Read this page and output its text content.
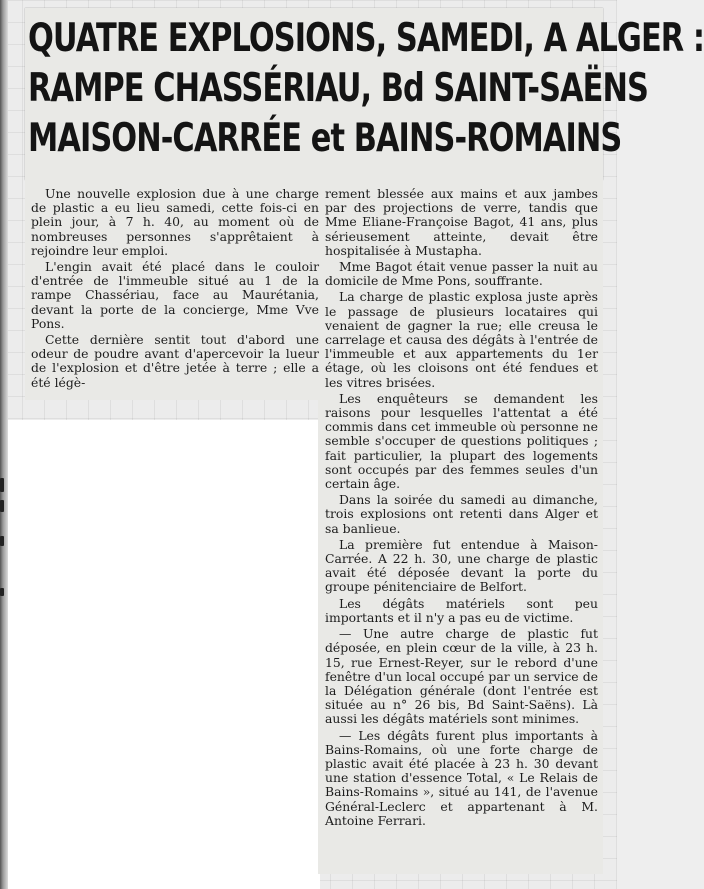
QUATRE EXPLOSIONS, SAMEDI, A ALGER :
RAMPE CHASSÉRIAU, Bd SAINT-SAËNS
MAISON-CARRÉE et BAINS-ROMAINS

Une nouvelle explosion due à une charge de plastic a eu lieu samedi, cette fois-ci en plein jour, à 7 h. 40, au moment où de nombreuses personnes s'apprêtaient à rejoindre leur emploi.

L'engin avait été placé dans le couloir d'entrée de l'immeuble situé au 1 de la rampe Chassériau, face au Maurétania, devant la porte de la concierge, Mme Vve Pons.

Cette dernière sentit tout d'abord une odeur de poudre avant d'apercevoir la lueur de l'explosion et d'être jetée à terre ; elle a été légè-

rement blessée aux mains et aux jambes par des projections de verre, tandis que Mme Eliane-Françoise Bagot, 41 ans, plus sérieusement atteinte, devait être hospitalisée à Mustapha.

Mme Bagot était venue passer la nuit au domicile de Mme Pons, souffrante.

La charge de plastic explosa juste après le passage de plusieurs locataires qui venaient de gagner la rue; elle creusa le carrelage et causa des dégâts à l'entrée de l'immeuble et aux appartements du 1er étage, où les cloisons ont été fendues et les vitres brisées.

Les enquêteurs se demandent les raisons pour lesquelles l'attentat a été commis dans cet immeuble où personne ne semble s'occuper de questions politiques ; fait particulier, la plupart des logements sont occupés par des femmes seules d'un certain âge.

Dans la soirée du samedi au dimanche, trois explosions ont retenti dans Alger et sa banlieue.

La première fut entendue à Maison-Carrée. A 22 h. 30, une charge de plastic avait été déposée devant la porte du groupe pénitenciaire de Belfort.

Les dégâts matériels sont peu importants et il n'y a pas eu de victime.

— Une autre charge de plastic fut déposée, en plein cœur de la ville, à 23 h. 15, rue Ernest-Reyer, sur le rebord d'une fenêtre d'un local occupé par un service de la Délégation générale (dont l'entrée est située au n° 26 bis, Bd Saint-Saëns). Là aussi les dégâts matériels sont minimes.

— Les dégâts furent plus importants à Bains-Romains, où une forte charge de plastic avait été placée à 23 h. 30 devant une station d'essence Total, « Le Relais de Bains-Romains », situé au 141, de l'avenue Général-Leclerc et appartenant à M. Antoine Ferrari.
